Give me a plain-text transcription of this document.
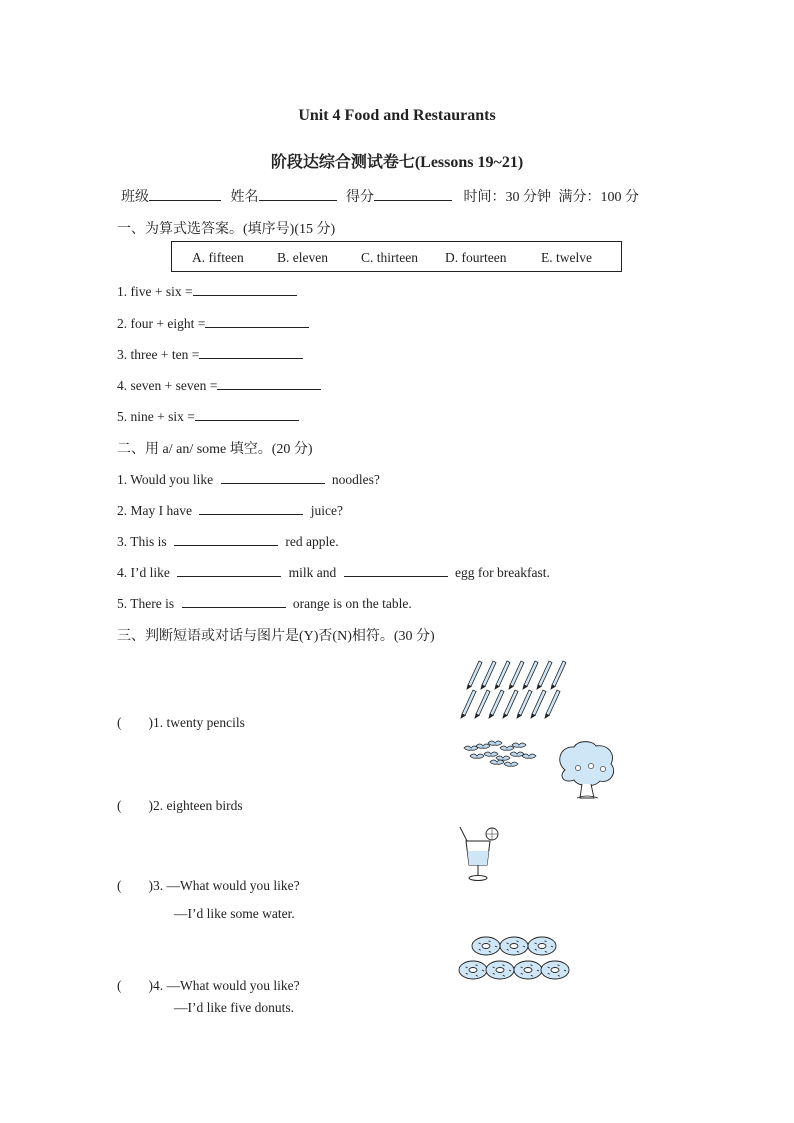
Unit 4 Food and Restaurants
阶段达综合测试卷七(Lessons 19~21)
班级	姓名	得分	时间：30 分钟 满分：100 分
一、为算式选答案。(填序号)(15 分)
A. fifteen B. eleven C. thirteen D. fourteen	E. twelve
1. five + six =
2. four + eight =
3. three + ten =
4. seven + seven =
5. nine + six =
二、用 a/ an/ some 填空。(20 分)
1. Would you like	noodles?
2. May I have	juice?
3. This is	red apple.
4. I’d like	milk and	egg for breakfast.
5. There is	orange is on the table.
三、判断短语或对话与图片是(Y)否(N)相符。(30 分)
(　　)1. twenty pencils
(　　)2. eighteen birds
(　　)3. —What would you like?
—I’d like some water.
(　　)4. —What would you like?
—I’d like five donuts.
